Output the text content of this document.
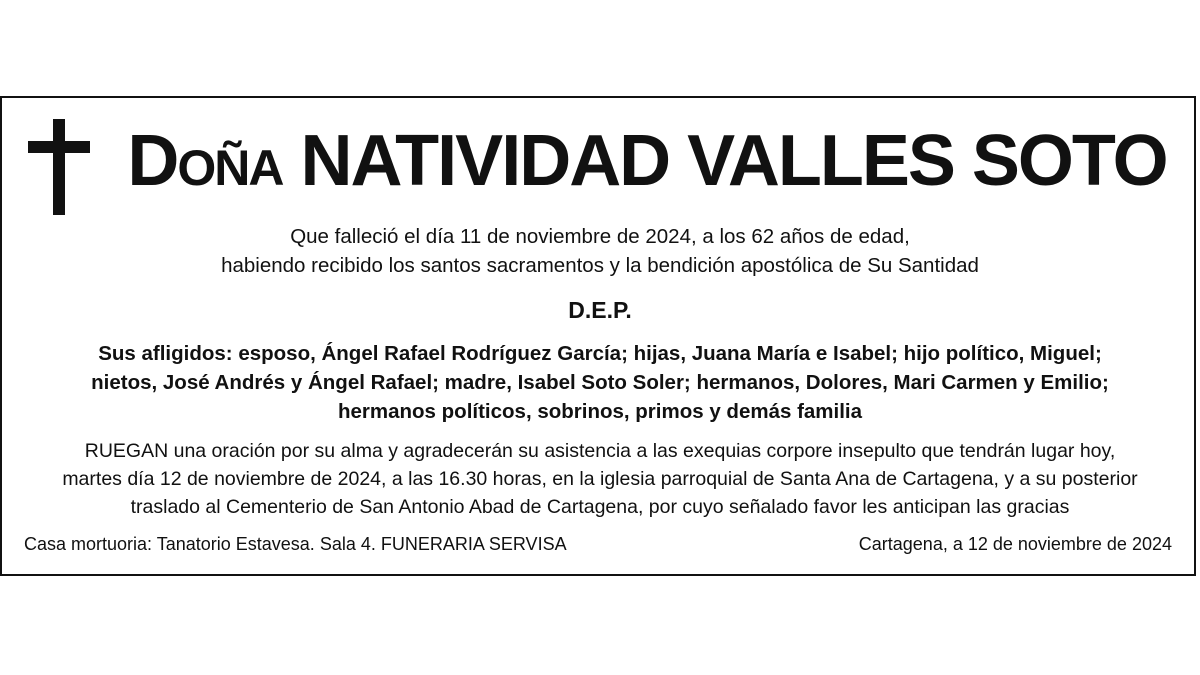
Doña NATIVIDAD VALLES SOTO
Que falleció el día 11 de noviembre de 2024, a los 62 años de edad,
habiendo recibido los santos sacramentos y la bendición apostólica de Su Santidad
D.E.P.
Sus afligidos: esposo, Ángel Rafael Rodríguez García; hijas, Juana María e Isabel; hijo político, Miguel;
nietos, José Andrés y Ángel Rafael; madre, Isabel Soto Soler; hermanos, Dolores, Mari Carmen y Emilio;
hermanos políticos, sobrinos, primos y demás familia
RUEGAN una oración por su alma y agradecerán su asistencia a las exequias corpore insepulto que tendrán lugar hoy,
martes día 12 de noviembre de 2024, a las 16.30 horas, en la iglesia parroquial de Santa Ana de Cartagena, y a su posterior
traslado al Cementerio de San Antonio Abad de Cartagena, por cuyo señalado favor les anticipan las gracias

Casa mortuoria: Tanatorio Estavesa. Sala 4. FUNERARIA SERVISA	Cartagena, a 12 de noviembre de 2024
